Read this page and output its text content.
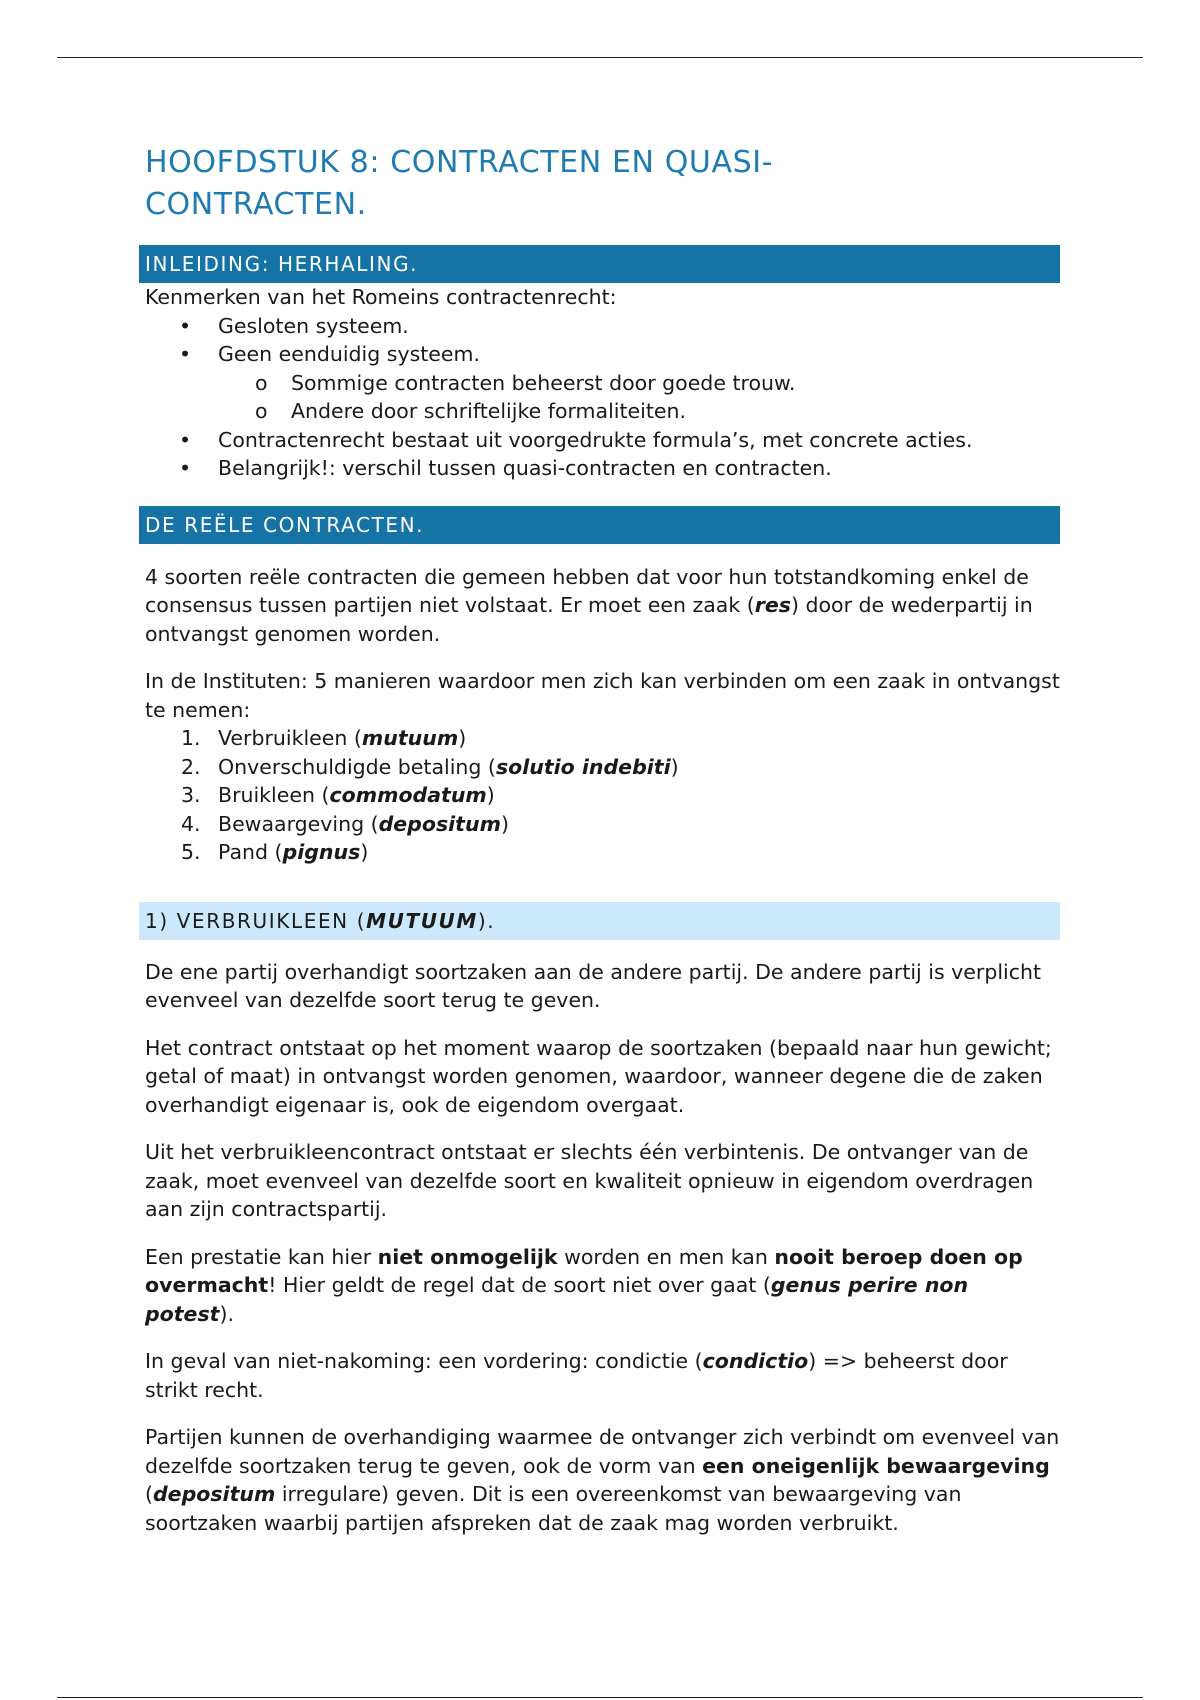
HOOFDSTUK 8: CONTRACTEN EN QUASI-
CONTRACTEN.
INLEIDING: HERHALING.
Kenmerken van het Romeins contractenrecht:
• Gesloten systeem.
• Geen eenduidig systeem.
o Sommige contracten beheerst door goede trouw.
o Andere door schriftelijke formaliteiten.
• Contractenrecht bestaat uit voorgedrukte formula’s, met concrete acties.
• Belangrijk!: verschil tussen quasi-contracten en contracten.
DE REËLE CONTRACTEN.
4 soorten reële contracten die gemeen hebben dat voor hun totstandkoming enkel de consensus tussen partijen niet volstaat. Er moet een zaak (res) door de wederpartij in ontvangst genomen worden.
In de Instituten: 5 manieren waardoor men zich kan verbinden om een zaak in ontvangst te nemen:
1. Verbruikleen (mutuum)
2. Onverschuldigde betaling (solutio indebiti)
3. Bruikleen (commodatum)
4. Bewaargeving (depositum)
5. Pand (pignus)
1) VERBRUIKLEEN (MUTUUM).
De ene partij overhandigt soortzaken aan de andere partij. De andere partij is verplicht evenveel van dezelfde soort terug te geven.
Het contract ontstaat op het moment waarop de soortzaken (bepaald naar hun gewicht; getal of maat) in ontvangst worden genomen, waardoor, wanneer degene die de zaken overhandigt eigenaar is, ook de eigendom overgaat.
Uit het verbruikleencontract ontstaat er slechts één verbintenis. De ontvanger van de zaak, moet evenveel van dezelfde soort en kwaliteit opnieuw in eigendom overdragen aan zijn contractspartij.
Een prestatie kan hier niet onmogelijk worden en men kan nooit beroep doen op overmacht! Hier geldt de regel dat de soort niet over gaat (genus perire non potest).
In geval van niet-nakoming: een vordering: condictie (condictio) => beheerst door strikt recht.
Partijen kunnen de overhandiging waarmee de ontvanger zich verbindt om evenveel van dezelfde soortzaken terug te geven, ook de vorm van een oneigenlijk bewaargeving (depositum irregulare) geven. Dit is een overeenkomst van bewaargeving van soortzaken waarbij partijen afspreken dat de zaak mag worden verbruikt.
